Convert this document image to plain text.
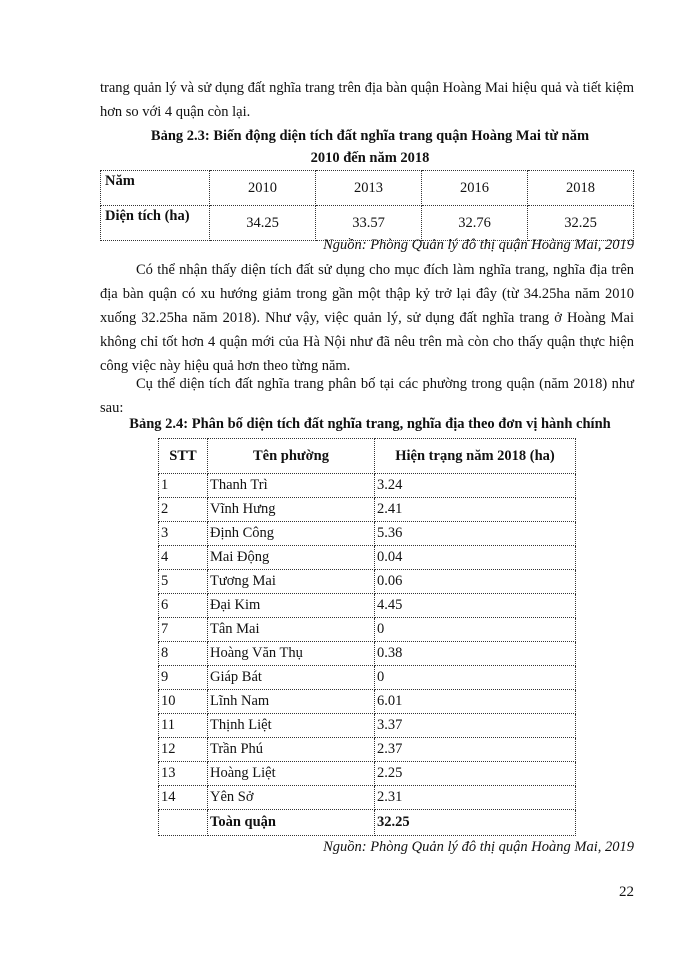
trang quản lý và sử dụng đất nghĩa trang trên địa bàn quận Hoàng Mai hiệu quả và tiết kiệm hơn so với 4 quận còn lại.

Bảng 2.3: Biến động diện tích đất nghĩa trang quận Hoàng Mai từ năm

2010 đến năm 2018

Năm	2010	2013	2016	2018
Diện tích (ha)	34.25	33.57	32.76	32.25

Nguồn: Phòng Quản lý đô thị quận Hoàng Mai, 2019

Có thể nhận thấy diện tích đất sử dụng cho mục đích làm nghĩa trang, nghĩa địa trên địa bàn quận có xu hướng giảm trong gần một thập kỷ trở lại đây (từ 34.25ha năm 2010 xuống 32.25ha năm 2018). Như vậy, việc quản lý, sử dụng đất nghĩa trang ở Hoàng Mai không chỉ tốt hơn 4 quận mới của Hà Nội như đã nêu trên mà còn cho thấy quận thực hiện công việc này hiệu quả hơn theo từng năm.

Cụ thể diện tích đất nghĩa trang phân bố tại các phường trong quận (năm 2018) như sau:

Bảng 2.4: Phân bố diện tích đất nghĩa trang, nghĩa địa theo đơn vị hành chính

STT	Tên phường	Hiện trạng năm 2018 (ha)
1	Thanh Trì	3.24
2	Vĩnh Hưng	2.41
3	Định Công	5.36
4	Mai Động	0.04
5	Tương Mai	0.06
6	Đại Kim	4.45
7	Tân Mai	0
8	Hoàng Văn Thụ	0.38
9	Giáp Bát	0
10	Lĩnh Nam	6.01
11	Thịnh Liệt	3.37
12	Trần Phú	2.37
13	Hoàng Liệt	2.25
14	Yên Sở	2.31
	Toàn quận	32.25

Nguồn: Phòng Quản lý đô thị quận Hoàng Mai, 2019

22
